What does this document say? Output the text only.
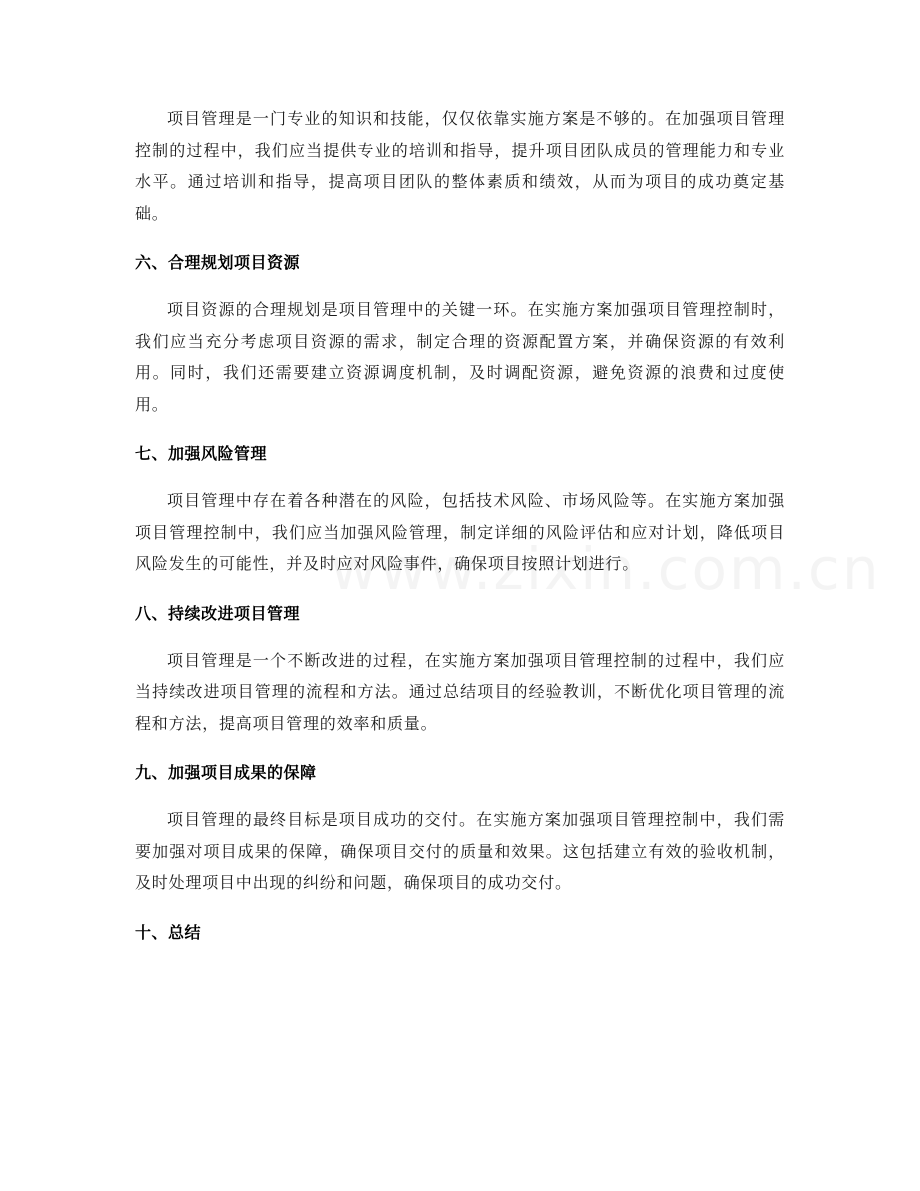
项目管理是一门专业的知识和技能，仅仅依靠实施方案是不够的。在加强项目管理控制的过程中，我们应当提供专业的培训和指导，提升项目团队成员的管理能力和专业水平。通过培训和指导，提高项目团队的整体素质和绩效，从而为项目的成功奠定基础。

六、合理规划项目资源

项目资源的合理规划是项目管理中的关键一环。在实施方案加强项目管理控制时，我们应当充分考虑项目资源的需求，制定合理的资源配置方案，并确保资源的有效利用。同时，我们还需要建立资源调度机制，及时调配资源，避免资源的浪费和过度使用。

七、加强风险管理

项目管理中存在着各种潜在的风险，包括技术风险、市场风险等。在实施方案加强项目管理控制中，我们应当加强风险管理，制定详细的风险评估和应对计划，降低项目风险发生的可能性，并及时应对风险事件，确保项目按照计划进行。

八、持续改进项目管理

项目管理是一个不断改进的过程，在实施方案加强项目管理控制的过程中，我们应当持续改进项目管理的流程和方法。通过总结项目的经验教训，不断优化项目管理的流程和方法，提高项目管理的效率和质量。

九、加强项目成果的保障

项目管理的最终目标是项目成功的交付。在实施方案加强项目管理控制中，我们需要加强对项目成果的保障，确保项目交付的质量和效果。这包括建立有效的验收机制，及时处理项目中出现的纠纷和问题，确保项目的成功交付。

十、总结
